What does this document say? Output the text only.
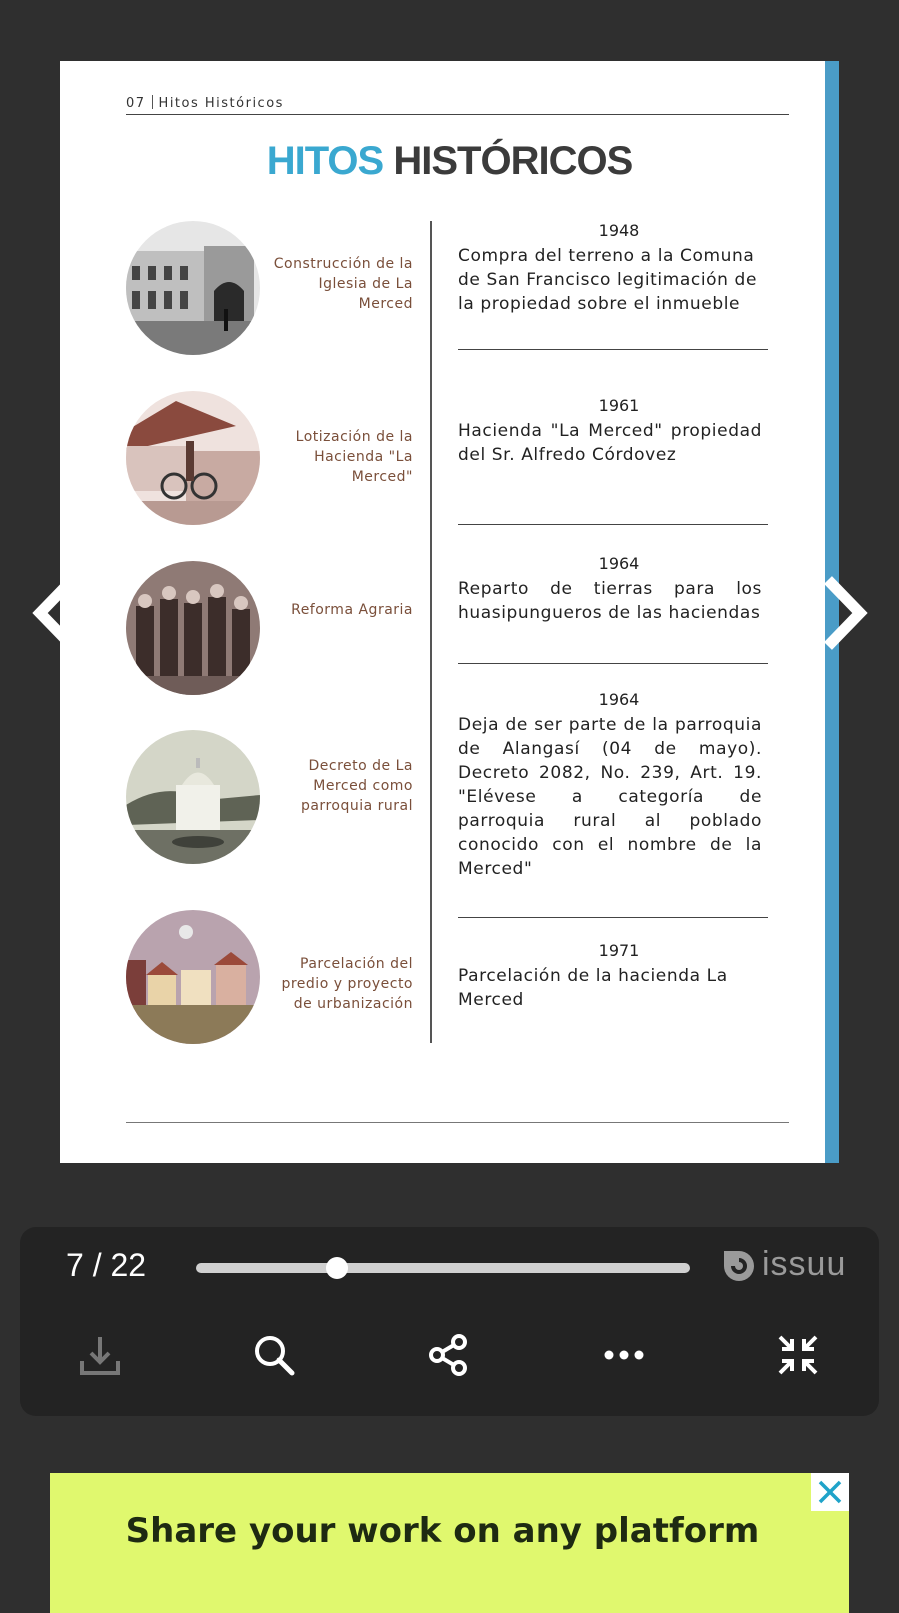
07 Hitos Históricos
HITOS HISTÓRICOS
Construcción de la Iglesia de La Merced
1948
Compra del terreno a la Comuna de San Francisco legitimación de la propiedad sobre el inmueble
Lotización de la Hacienda "La Merced"
1961
Hacienda "La Merced" propiedad del Sr. Alfredo Córdovez
Reforma Agraria
1964
Reparto de tierras para los huasipungueros de las haciendas
Decreto de La Merced como parroquia rural
1964
Deja de ser parte de la parroquia de Alangasí (04 de mayo). Decreto 2082, No. 239, Art. 19. "Elévese a categoría de parroquia rural al poblado conocido con el nombre de la Merced"
Parcelación del predio y proyecto de urbanización
1971
Parcelación de la hacienda La Merced
7 / 22	issuu
Share your work on any platform
